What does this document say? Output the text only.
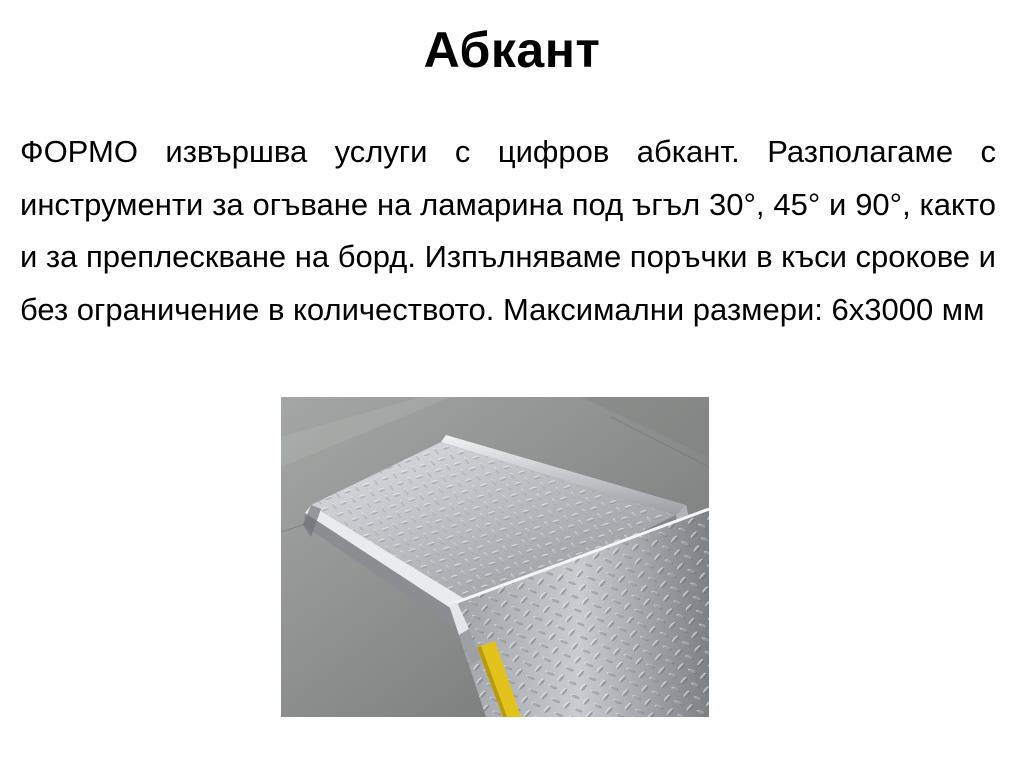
Абкант

ФОРМО извършва услуги с цифров абкант. Разполагаме с инструменти за огъване на ламарина под ъгъл 30°, 45° и 90°, както и за преплескване на борд. Изпълняваме поръчки в къси срокове и без ограничение в количеството. Максимални размери: 6х3000 мм
